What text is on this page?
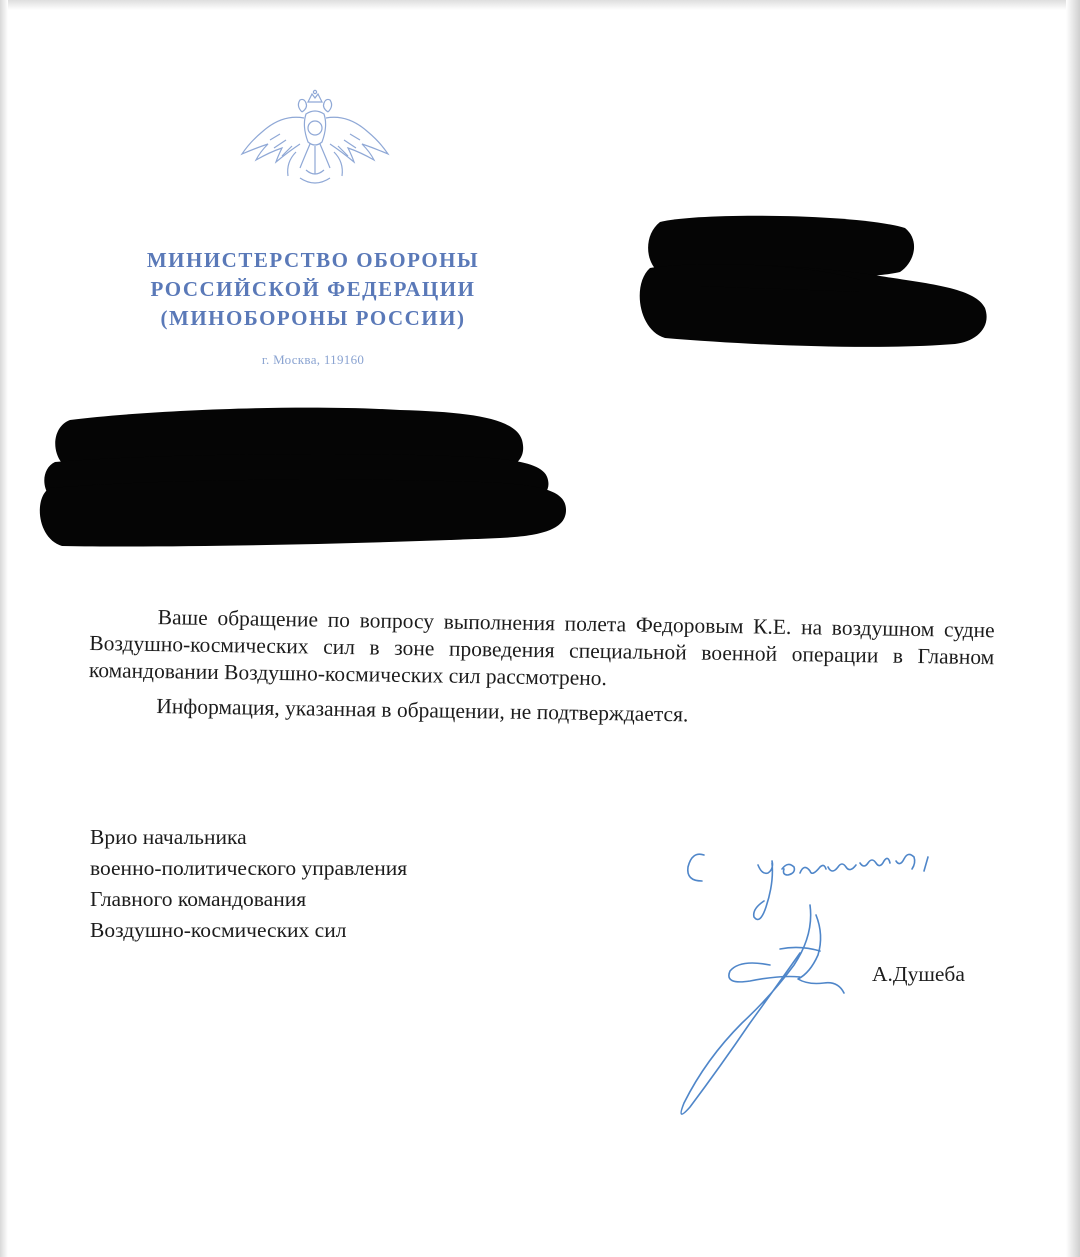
МИНИСТЕРСТВО ОБОРОНЫ
РОССИЙСКОЙ ФЕДЕРАЦИИ
(МИНОБОРОНЫ РОССИИ)
г. Москва, 119160

Ваше обращение по вопросу выполнения полета Федоровым К.Е. на воздушном судне Воздушно-космических сил в зоне проведения специальной военной операции в Главном командовании Воздушно-космических сил рассмотрено.

Информация, указанная в обращении, не подтверждается.

Врио начальника
военно-политического управления
Главного командования
Воздушно-космических сил
А.Душеба
